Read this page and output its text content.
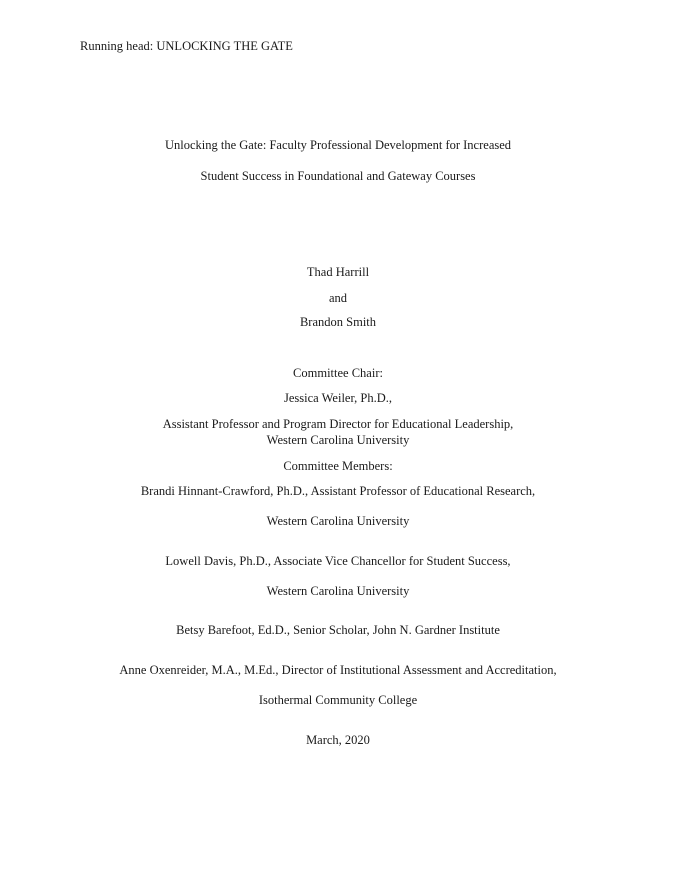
Running head: UNLOCKING THE GATE
Unlocking the Gate: Faculty Professional Development for Increased
Student Success in Foundational and Gateway Courses
Thad Harrill
and
Brandon Smith
Committee Chair:
Jessica Weiler, Ph.D.,
Assistant Professor and Program Director for Educational Leadership,
Western Carolina University
Committee Members:
Brandi Hinnant-Crawford, Ph.D., Assistant Professor of Educational Research,
Western Carolina University
Lowell Davis, Ph.D., Associate Vice Chancellor for Student Success,
Western Carolina University
Betsy Barefoot, Ed.D., Senior Scholar, John N. Gardner Institute
Anne Oxenreider, M.A., M.Ed., Director of Institutional Assessment and Accreditation,
Isothermal Community College
March, 2020
